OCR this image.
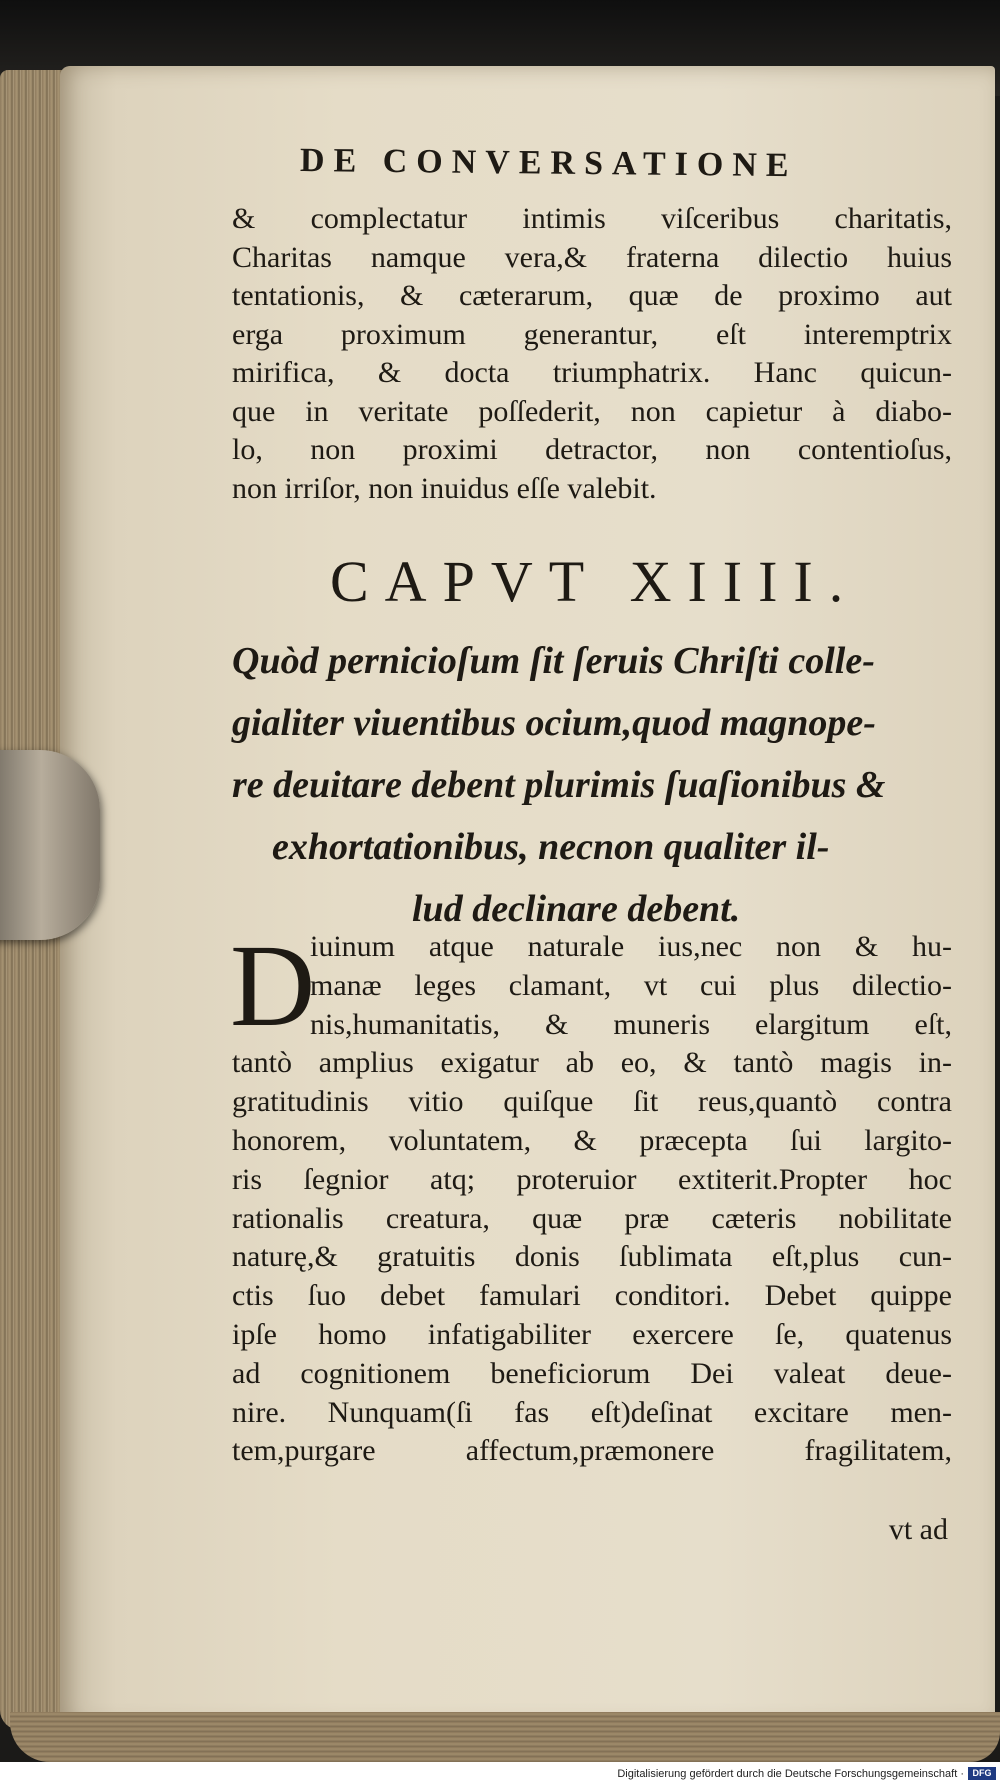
DE CONVERSATIONE
& complectatur intimis viſceribus charitatis,
Charitas namque vera,& fraterna dilectio huius
tentationis, & cæterarum, quæ de proximo aut
erga proximum generantur, eſt interemptrix
mirifica, & docta triumphatrix. Hanc quicun-
que in veritate poſſederit, non capietur à diabo-
lo, non proximi detractor, non contentioſus,
non irriſor, non inuidus eſſe valebit.
CAPVT XIIII.
Quòd pernicioſum ſit ſeruis Chriſti colle-
gialiter viuentibus ocium,quod magnope-
re deuitare debent plurimis ſuaſionibus &
exhortationibus, necnon qualiter il-
lud declinare debent.
D
iuinum atque naturale ius,nec non & hu-
manæ leges clamant, vt cui plus dilectio-
nis,humanitatis, & muneris elargitum eſt,
tantò amplius exigatur ab eo, & tantò magis in-
gratitudinis vitio quiſque ſit reus,quantò contra
honorem, voluntatem, & præcepta ſui largito-
ris ſegnior atq; proteruior extiterit.Propter hoc
rationalis creatura, quæ præ cæteris nobilitate
naturę,& gratuitis donis ſublimata eſt,plus cun-
ctis ſuo debet famulari conditori. Debet quippe
ipſe homo infatigabiliter exercere ſe, quatenus
ad cognitionem beneficiorum Dei valeat deue-
nire. Nunquam(ſi fas eſt)deſinat excitare men-
tem,purgare affectum,præmonere fragilitatem,
vt ad
Digitalisierung gefördert durch die Deutsche Forschungsgemeinschaft · DFG
